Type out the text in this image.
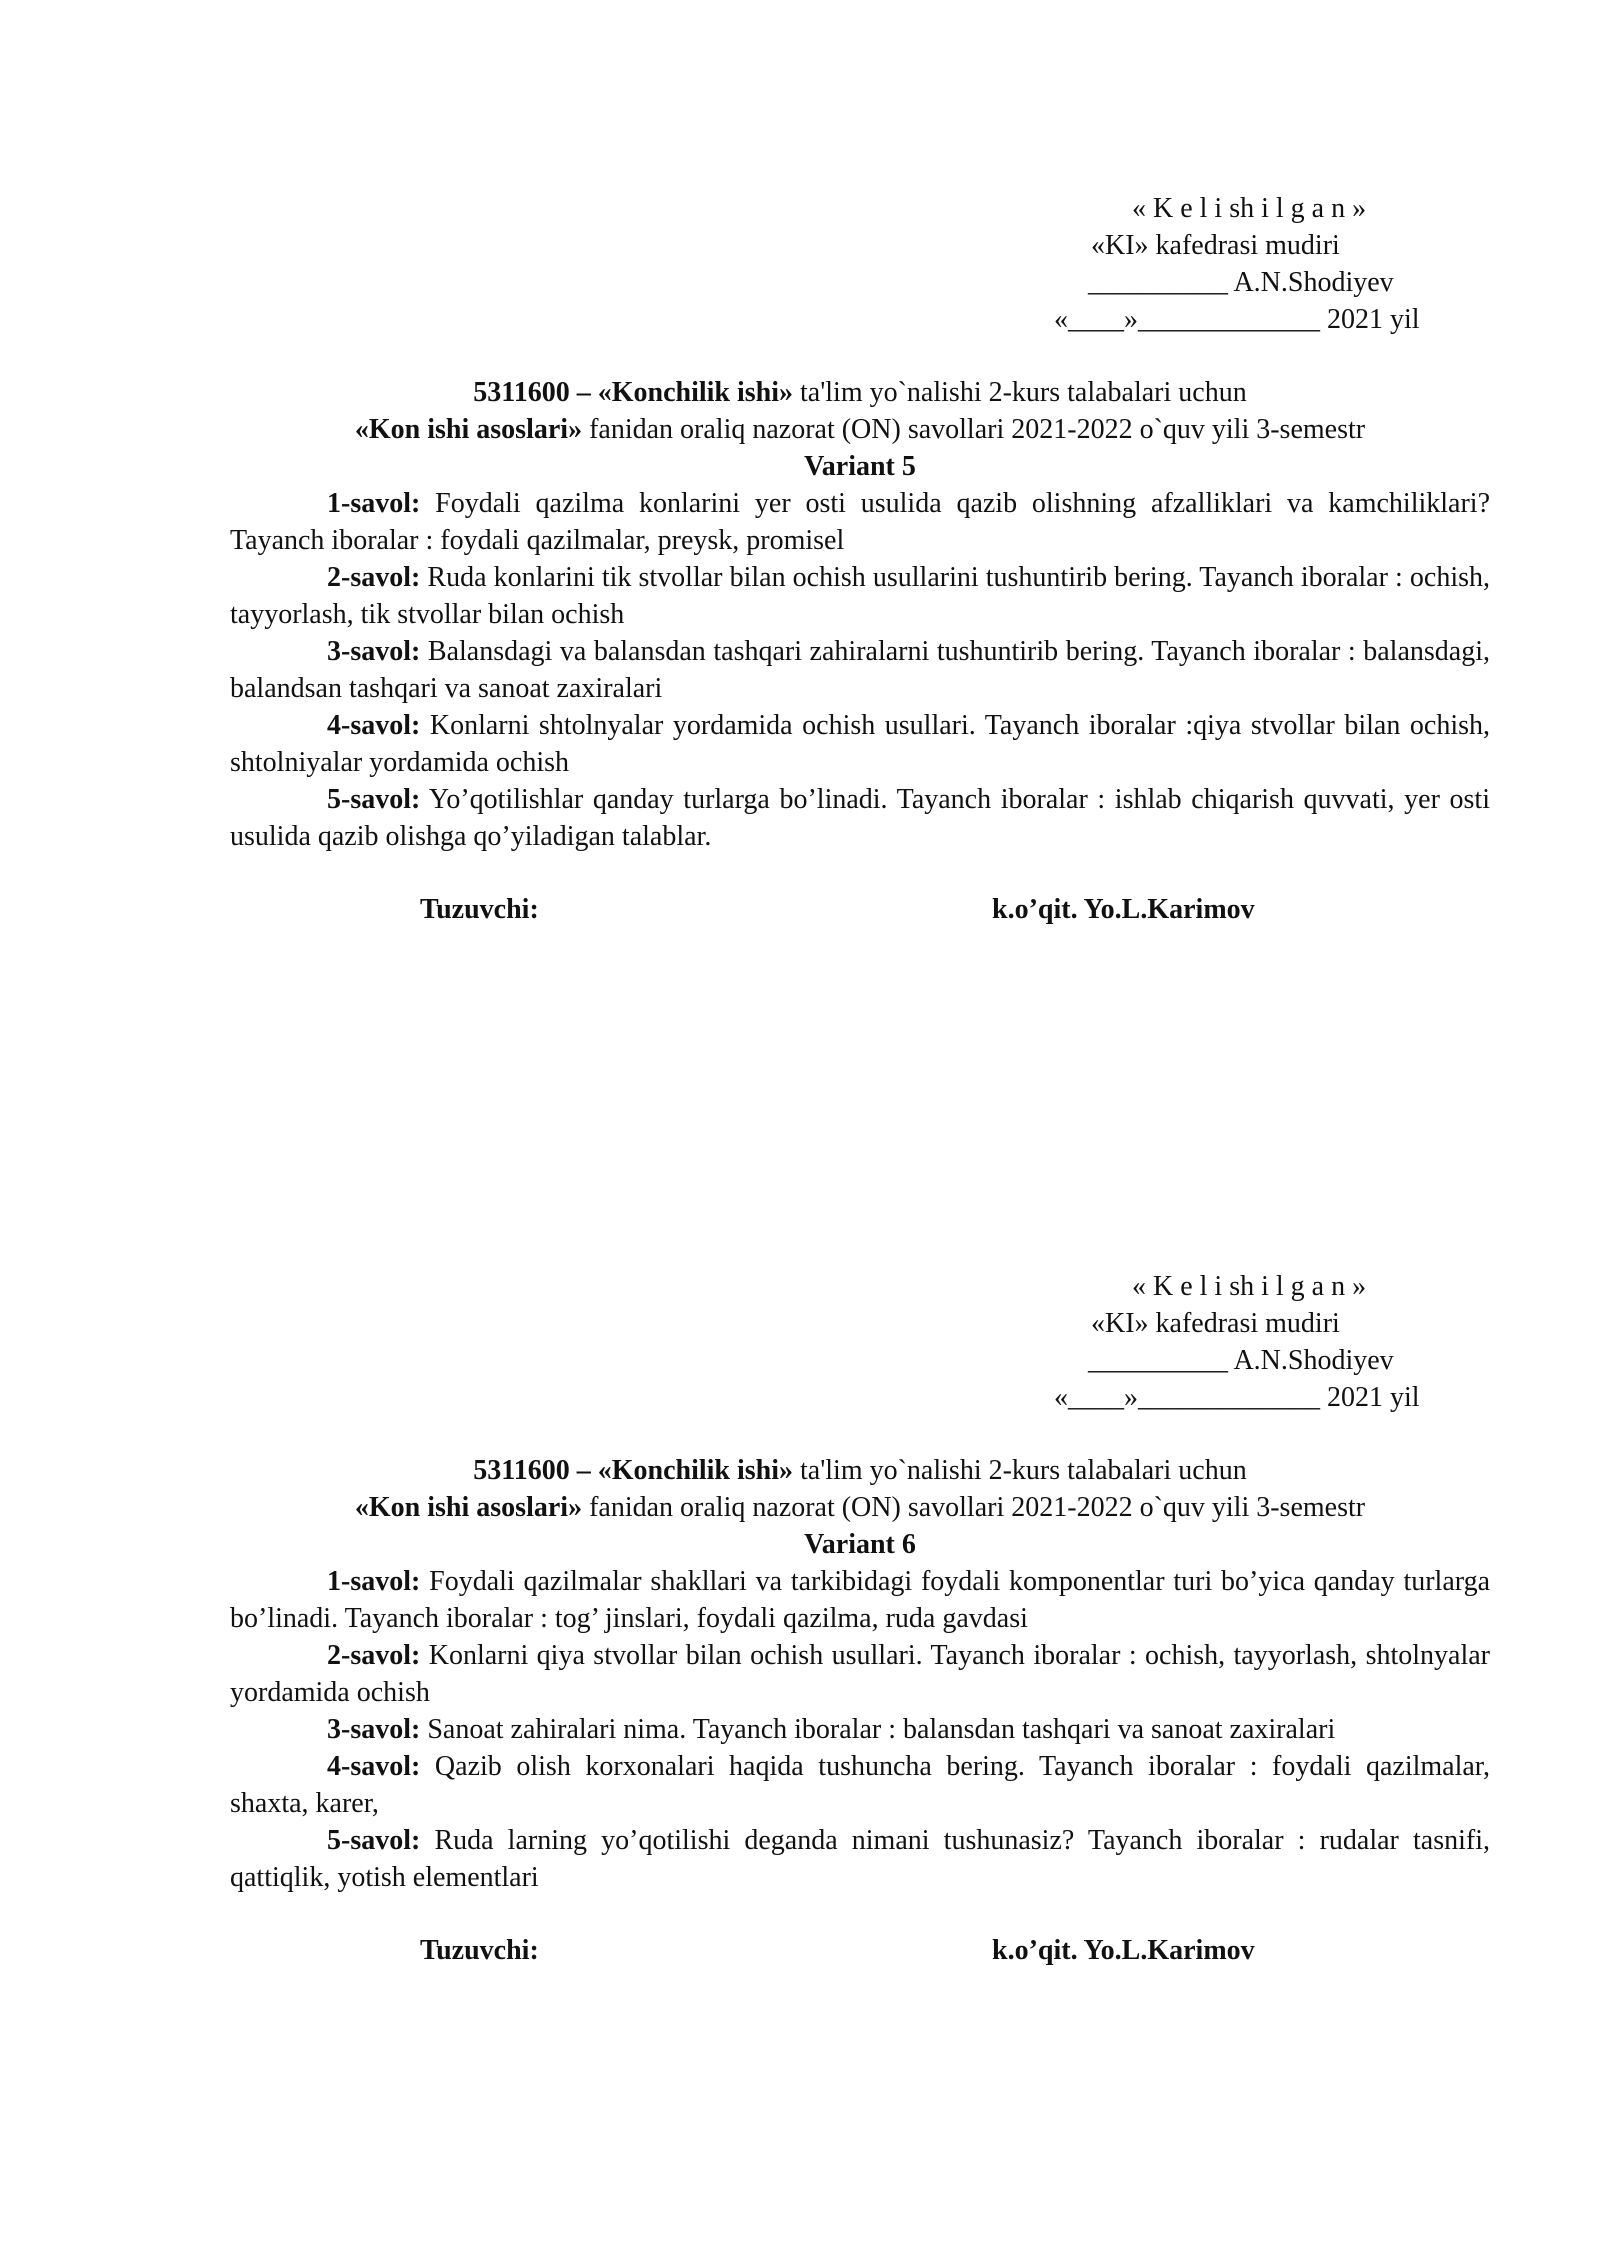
« K e l i sh i l g a n »
«KI» kafedrasi mudiri
__________ A.N.Shodiyev
«____»_____________ 2021 yil
5311600 – «Konchilik ishi» ta'lim yo`nalishi 2-kurs talabalari uchun
«Kon ishi asoslari» fanidan oraliq nazorat (ON) savollari 2021-2022 o`quv yili 3-semestr
Variant 5
1-savol: Foydali qazilma konlarini yer osti usulida qazib olishning afzalliklari va kamchiliklari? Tayanch iboralar : foydali qazilmalar, preysk, promisel
2-savol: Ruda konlarini tik stvollar bilan ochish usullarini tushuntirib bering. Tayanch iboralar : ochish, tayyorlash, tik stvollar bilan ochish
3-savol: Balansdagi va balansdan tashqari zahiralarni tushuntirib bering. Tayanch iboralar : balansdagi, balandsan tashqari va sanoat zaxiralari
4-savol: Konlarni shtolnyalar yordamida ochish usullari. Tayanch iboralar :qiya stvollar bilan ochish, shtolniyalar yordamida ochish
5-savol: Yo’qotilishlar qanday turlarga bo’linadi. Tayanch iboralar : ishlab chiqarish quvvati, yer osti usulida qazib olishga qo’yiladigan talablar.
Tuzuvchi:	k.o’qit. Yo.L.Karimov
« K e l i sh i l g a n »
«KI» kafedrasi mudiri
__________ A.N.Shodiyev
«____»_____________ 2021 yil
5311600 – «Konchilik ishi» ta'lim yo`nalishi 2-kurs talabalari uchun
«Kon ishi asoslari» fanidan oraliq nazorat (ON) savollari 2021-2022 o`quv yili 3-semestr
Variant 6
1-savol: Foydali qazilmalar shakllari va tarkibidagi foydali komponentlar turi bo’yica qanday turlarga bo’linadi. Tayanch iboralar : tog’ jinslari, foydali qazilma, ruda gavdasi
2-savol: Konlarni qiya stvollar bilan ochish usullari. Tayanch iboralar : ochish, tayyorlash, shtolnyalar yordamida ochish
3-savol: Sanoat zahiralari nima. Tayanch iboralar : balansdan tashqari va sanoat zaxiralari
4-savol: Qazib olish korxonalari haqida tushuncha bering. Tayanch iboralar : foydali qazilmalar, shaxta, karer,
5-savol: Ruda larning yo’qotilishi deganda nimani tushunasiz? Tayanch iboralar : rudalar tasnifi, qattiqlik, yotish elementlari
Tuzuvchi:	k.o’qit. Yo.L.Karimov
